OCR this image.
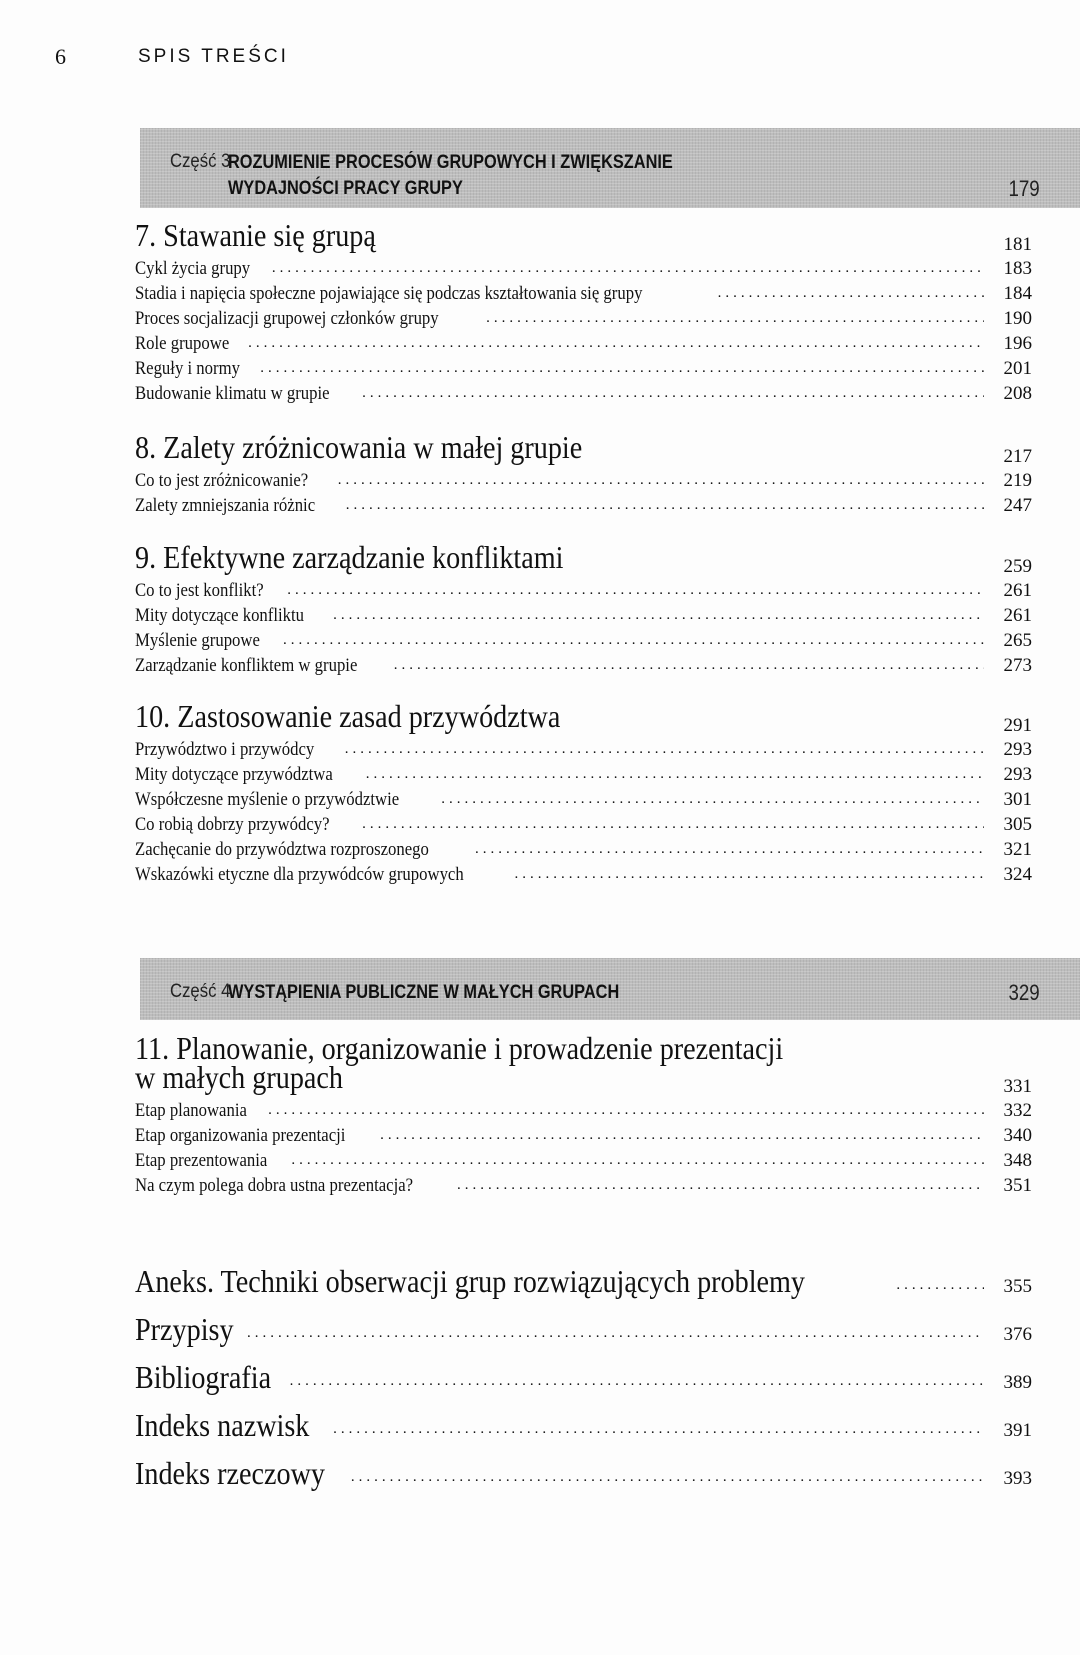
6	SPIS TREŚCI
Część 3
ROZUMIENIE PROCESÓW GRUPOWYCH I ZWIĘKSZANIE
WYDAJNOŚCI PRACY GRUPY	179
7. Stawanie się grupą	181
Cykl życia grupy .....	183
Stadia i napięcia społeczne pojawiające się podczas kształtowania się grupy .....	184
Proces socjalizacji grupowej członków grupy .....	190
Role grupowe .....	196
Reguły i normy .....	201
Budowanie klimatu w grupie .....	208
8. Zalety zróżnicowania w małej grupie	217
Co to jest zróżnicowanie? .....	219
Zalety zmniejszania różnic .....	247
9. Efektywne zarządzanie konfliktami	259
Co to jest konflikt? .....	261
Mity dotyczące konfliktu .....	261
Myślenie grupowe .....	265
Zarządzanie konfliktem w grupie .....	273
10. Zastosowanie zasad przywództwa	291
Przywództwo i przywódcy .....	293
Mity dotyczące przywództwa .....	293
Współczesne myślenie o przywództwie .....	301
Co robią dobrzy przywódcy? .....	305
Zachęcanie do przywództwa rozproszonego .....	321
Wskazówki etyczne dla przywódców grupowych .....	324
Część 4
WYSTĄPIENIA PUBLICZNE W MAŁYCH GRUPACH	329
11. Planowanie, organizowanie i prowadzenie prezentacji
w małych grupach	331
Etap planowania .....	332
Etap organizowania prezentacji .....	340
Etap prezentowania .....	348
Na czym polega dobra ustna prezentacja? .....	351
Aneks. Techniki obserwacji grup rozwiązujących problemy .....	355
Przypisy .....	376
Bibliografia .....	389
Indeks nazwisk .....	391
Indeks rzeczowy .....	393
